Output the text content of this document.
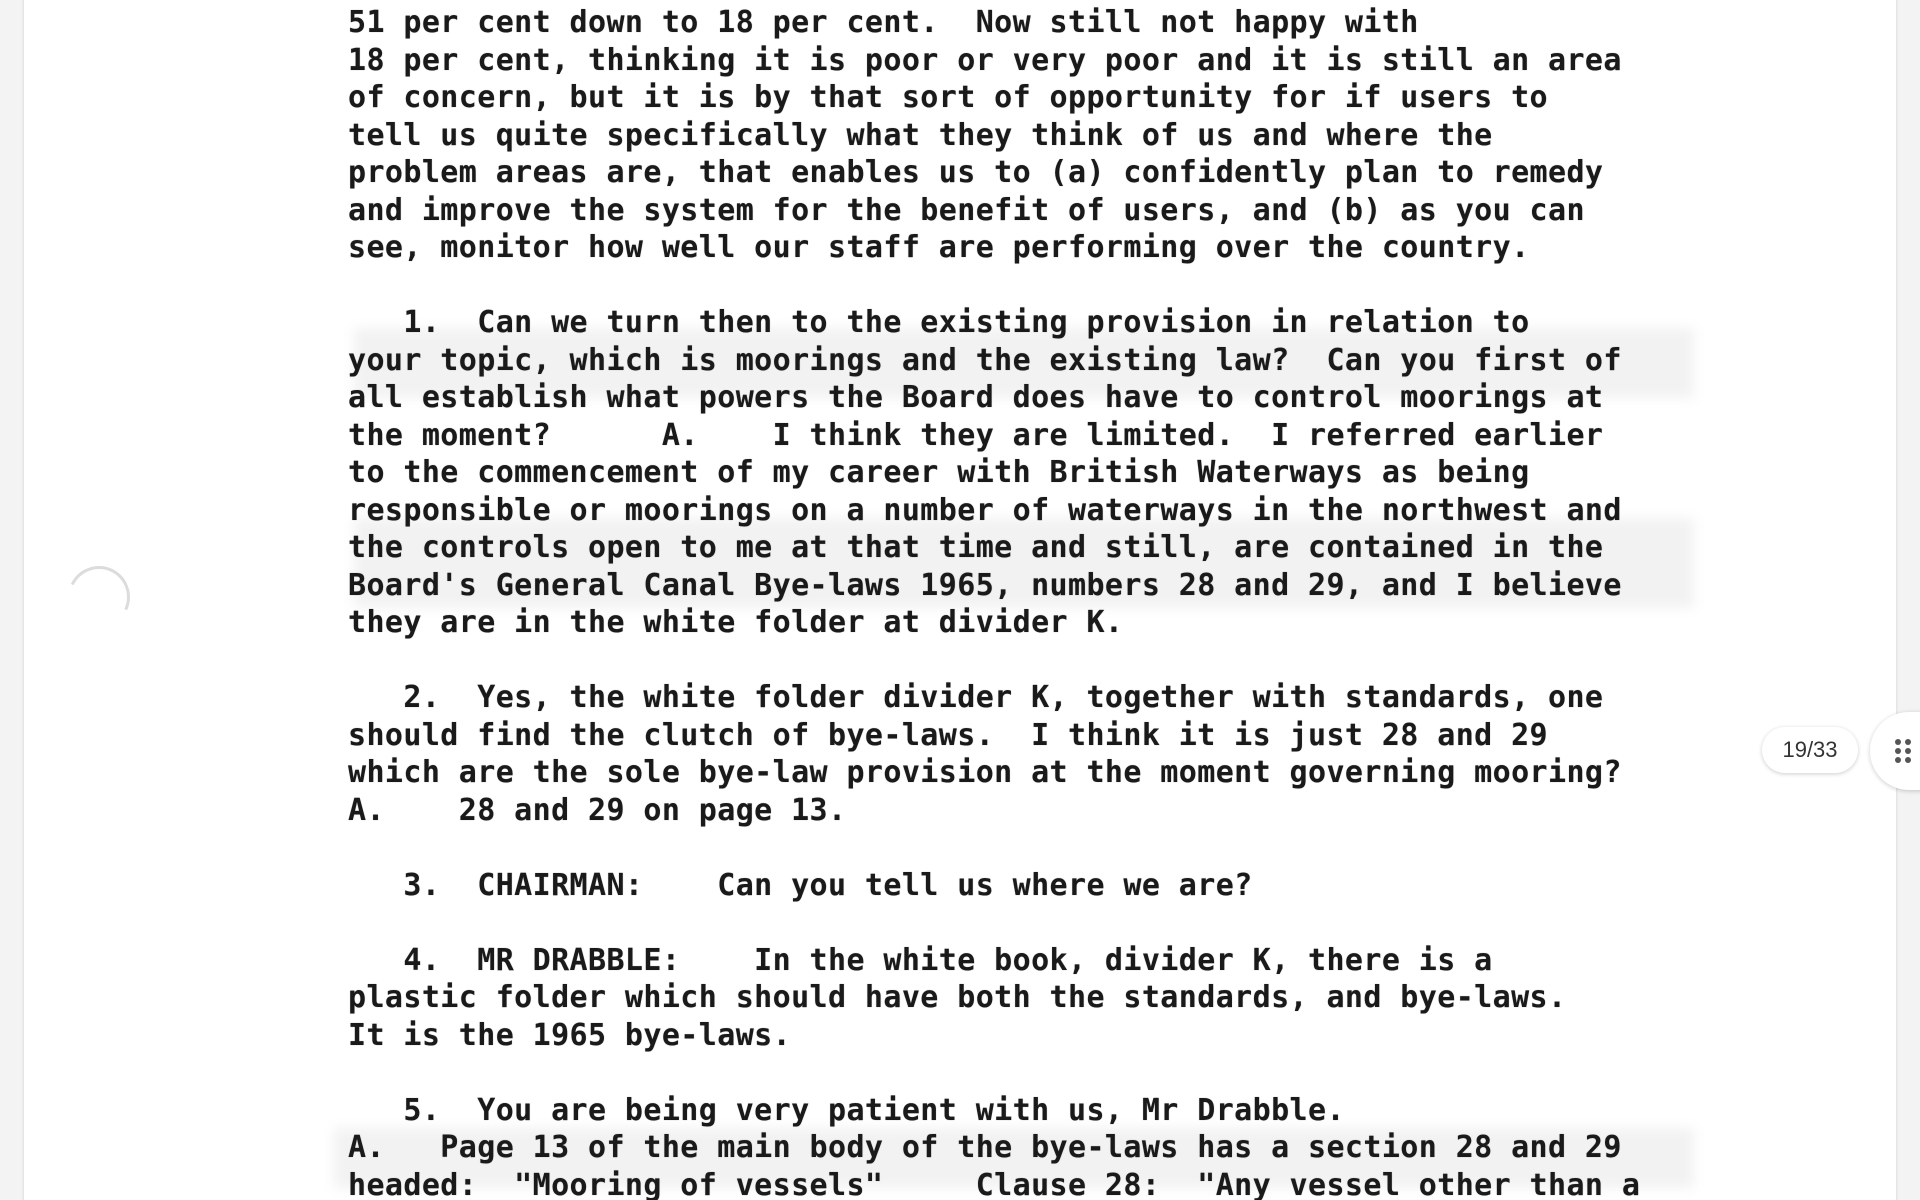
51 per cent down to 18 per cent.  Now still not happy with
18 per cent, thinking it is poor or very poor and it is still an area
of concern, but it is by that sort of opportunity for if users to
tell us quite specifically what they think of us and where the
problem areas are, that enables us to (a) confidently plan to remedy
and improve the system for the benefit of users, and (b) as you can
see, monitor how well our staff are performing over the country.
1.  Can we turn then to the existing provision in relation to
your topic, which is moorings and the existing law?  Can you first of
all establish what powers the Board does have to control moorings at
the moment?      A.    I think they are limited.  I referred earlier
to the commencement of my career with British Waterways as being
responsible or moorings on a number of waterways in the northwest and
the controls open to me at that time and still, are contained in the
Board's General Canal Bye-laws 1965, numbers 28 and 29, and I believe
they are in the white folder at divider K.
2.  Yes, the white folder divider K, together with standards, one
should find the clutch of bye-laws.  I think it is just 28 and 29
which are the sole bye-law provision at the moment governing mooring?
A.    28 and 29 on page 13.
3.  CHAIRMAN:    Can you tell us where we are?
4.  MR DRABBLE:    In the white book, divider K, there is a
plastic folder which should have both the standards, and bye-laws.
It is the 1965 bye-laws.
5.  You are being very patient with us, Mr Drabble.
A.   Page 13 of the main body of the bye-laws has a section 28 and 29
headed:  "Mooring of vessels"     Clause 28:  "Any vessel other than a
19/33
